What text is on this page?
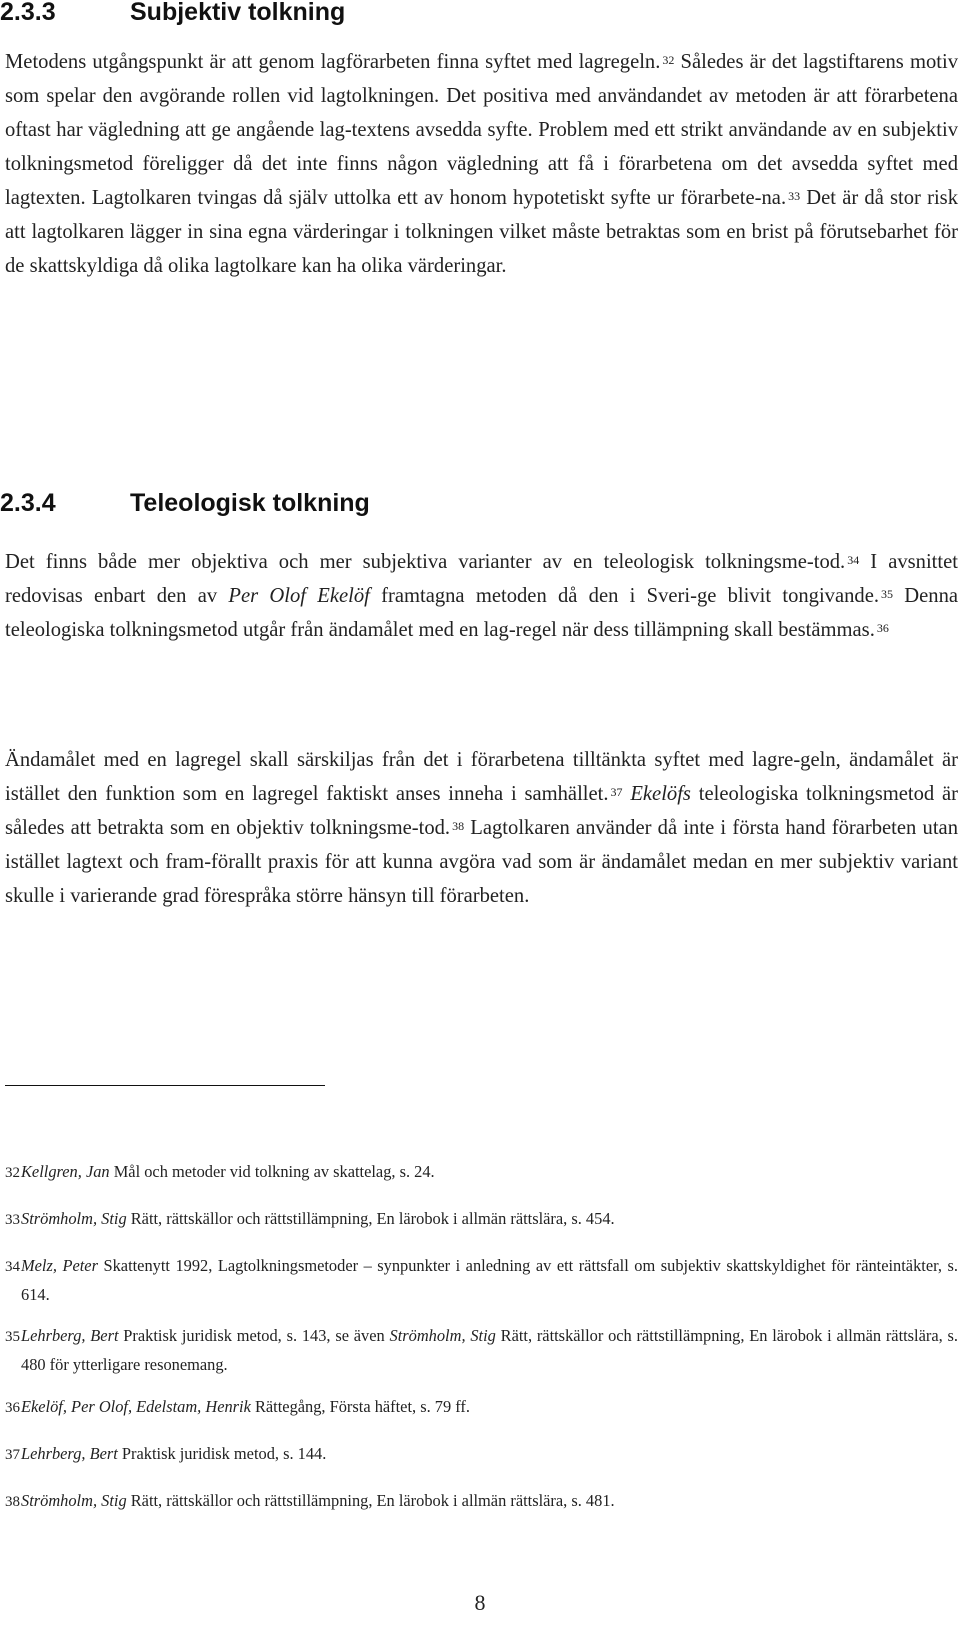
2.3.3	Subjektiv tolkning

Metodens utgångspunkt är att genom lagförarbeten finna syftet med lagregeln. $^{32}$ Således är det lagstiftarens motiv som spelar den avgörande rollen vid lagtolkningen. Det positiva med användandet av metoden är att förarbetena oftast har vägledning att ge angående lag-textens avsedda syfte. Problem med ett strikt användande av en subjektiv tolkningsmetod föreligger då det inte finns någon vägledning att få i förarbetena om det avsedda syftet med lagtexten. Lagtolkaren tvingas då själv uttolka ett av honom hypotetiskt syfte ur förarbete-na. $^{33}$ Det är då stor risk att lagtolkaren lägger in sina egna värderingar i tolkningen vilket måste betraktas som en brist på förutsebarhet för de skattskyldiga då olika lagtolkare kan ha olika värderingar.

2.3.4	Teleologisk tolkning

Det finns både mer objektiva och mer subjektiva varianter av en teleologisk tolkningsme-tod. $^{34}$ I avsnittet redovisas enbart den av Per Olof Ekelöf framtagna metoden då den i Sveri-ge blivit tongivande. $^{35}$ Denna teleologiska tolkningsmetod utgår från ändamålet med en lag-regel när dess tillämpning skall bestämmas. $^{36}$

Ändamålet med en lagregel skall särskiljas från det i förarbetena tilltänkta syftet med lagre-geln, ändamålet är istället den funktion som en lagregel faktiskt anses inneha i samhället. $^{37}$ Ekelöfs teleologiska tolkningsmetod är således att betrakta som en objektiv tolkningsme-tod. $^{38}$ Lagtolkaren använder då inte i första hand förarbeten utan istället lagtext och fram-förallt praxis för att kunna avgöra vad som är ändamålet medan en mer subjektiv variant skulle i varierande grad förespråka större hänsyn till förarbeten.

32Kellgren, Jan Mål och metoder vid tolkning av skattelag, s. 24.

33Strömholm, Stig Rätt, rättskällor och rättstillämpning, En lärobok i allmän rättslära, s. 454.

34Melz, Peter Skattenytt 1992, Lagtolkningsmetoder – synpunkter i anledning av ett rättsfall om subjektiv skattskyldighet för ränteintäkter, s. 614.

35Lehrberg, Bert Praktisk juridisk metod, s. 143, se även Strömholm, Stig Rätt, rättskällor och rättstillämpning, En lärobok i allmän rättslära, s. 480 för ytterligare resonemang.

36Ekelöf, Per Olof, Edelstam, Henrik Rättegång, Första häftet, s. 79 ff.

37Lehrberg, Bert Praktisk juridisk metod, s. 144.

38Strömholm, Stig Rätt, rättskällor och rättstillämpning, En lärobok i allmän rättslära, s. 481.

8
